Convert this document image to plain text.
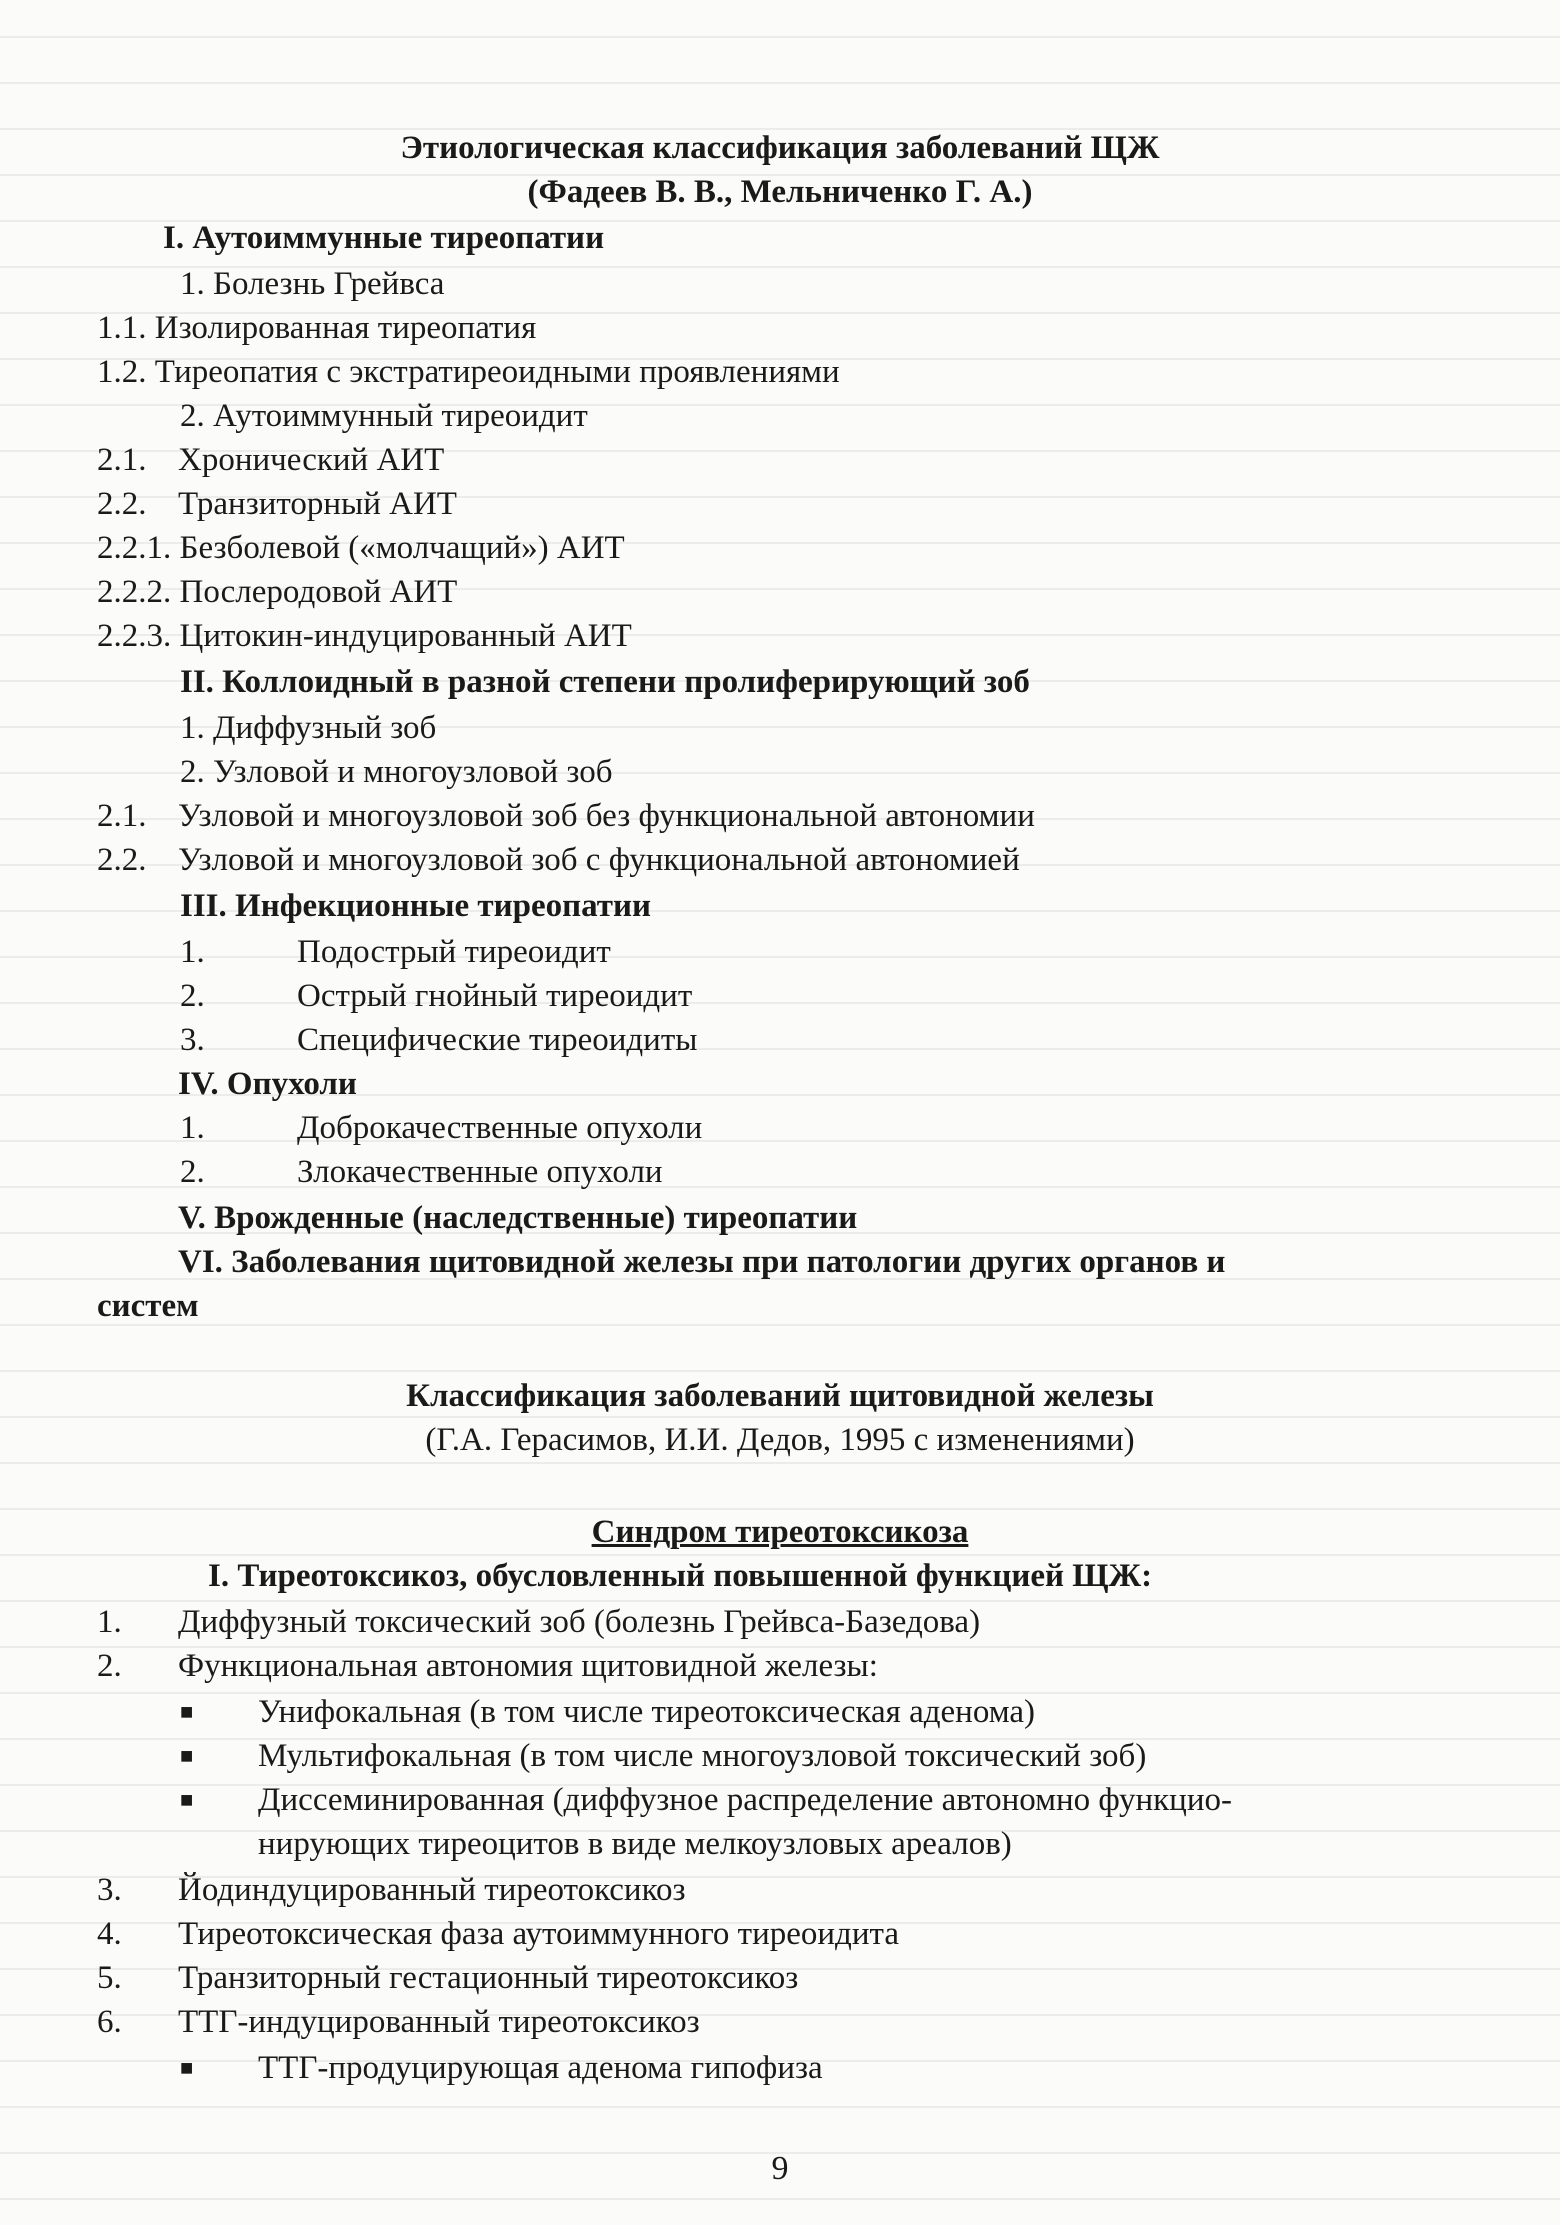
Этиологическая классификация заболеваний ЩЖ
(Фадеев В. В., Мельниченко Г. А.)
I. Аутоиммунные тиреопатии
1. Болезнь Грейвса
1.1. Изолированная тиреопатия
1.2. Тиреопатия с экстратиреоидными проявлениями
2. Аутоиммунный тиреоидит
2.1. Хронический АИТ
2.2. Транзиторный АИТ
2.2.1. Безболевой («молчащий») АИТ
2.2.2. Послеродовой АИТ
2.2.3. Цитокин-индуцированный АИТ
II. Коллоидный в разной степени пролиферирующий зоб
1. Диффузный зоб
2. Узловой и многоузловой зоб
2.1. Узловой и многоузловой зоб без функциональной автономии
2.2. Узловой и многоузловой зоб с функциональной автономией
III. Инфекционные тиреопатии
1.	Подострый тиреоидит
2.	Острый гнойный тиреоидит
3.	Специфические тиреоидиты
IV. Опухоли
1.	Доброкачественные опухоли
2.	Злокачественные опухоли
V. Врожденные (наследственные) тиреопатии
VI. Заболевания щитовидной железы при патологии других органов и
систем
Классификация заболеваний щитовидной железы
(Г.А. Герасимов, И.И. Дедов, 1995 с изменениями)
Синдром тиреотоксикоза
I. Тиреотоксикоз, обусловленный повышенной функцией ЩЖ:
1. Диффузный токсический зоб (болезнь Грейвса-Базедова)
2. Функциональная автономия щитовидной железы:
■ Унифокальная (в том числе тиреотоксическая аденома)
■ Мультифокальная (в том числе многоузловой токсический зоб)
■ Диссеминированная (диффузное распределение автономно функцио-
нирующих тиреоцитов в виде мелкоузловых ареалов)
3. Йодиндуцированный тиреотоксикоз
4. Тиреотоксическая фаза аутоиммунного тиреоидита
5. Транзиторный гестационный тиреотоксикоз
6. ТТГ-индуцированный тиреотоксикоз
■ ТТГ-продуцирующая аденома гипофиза
9
